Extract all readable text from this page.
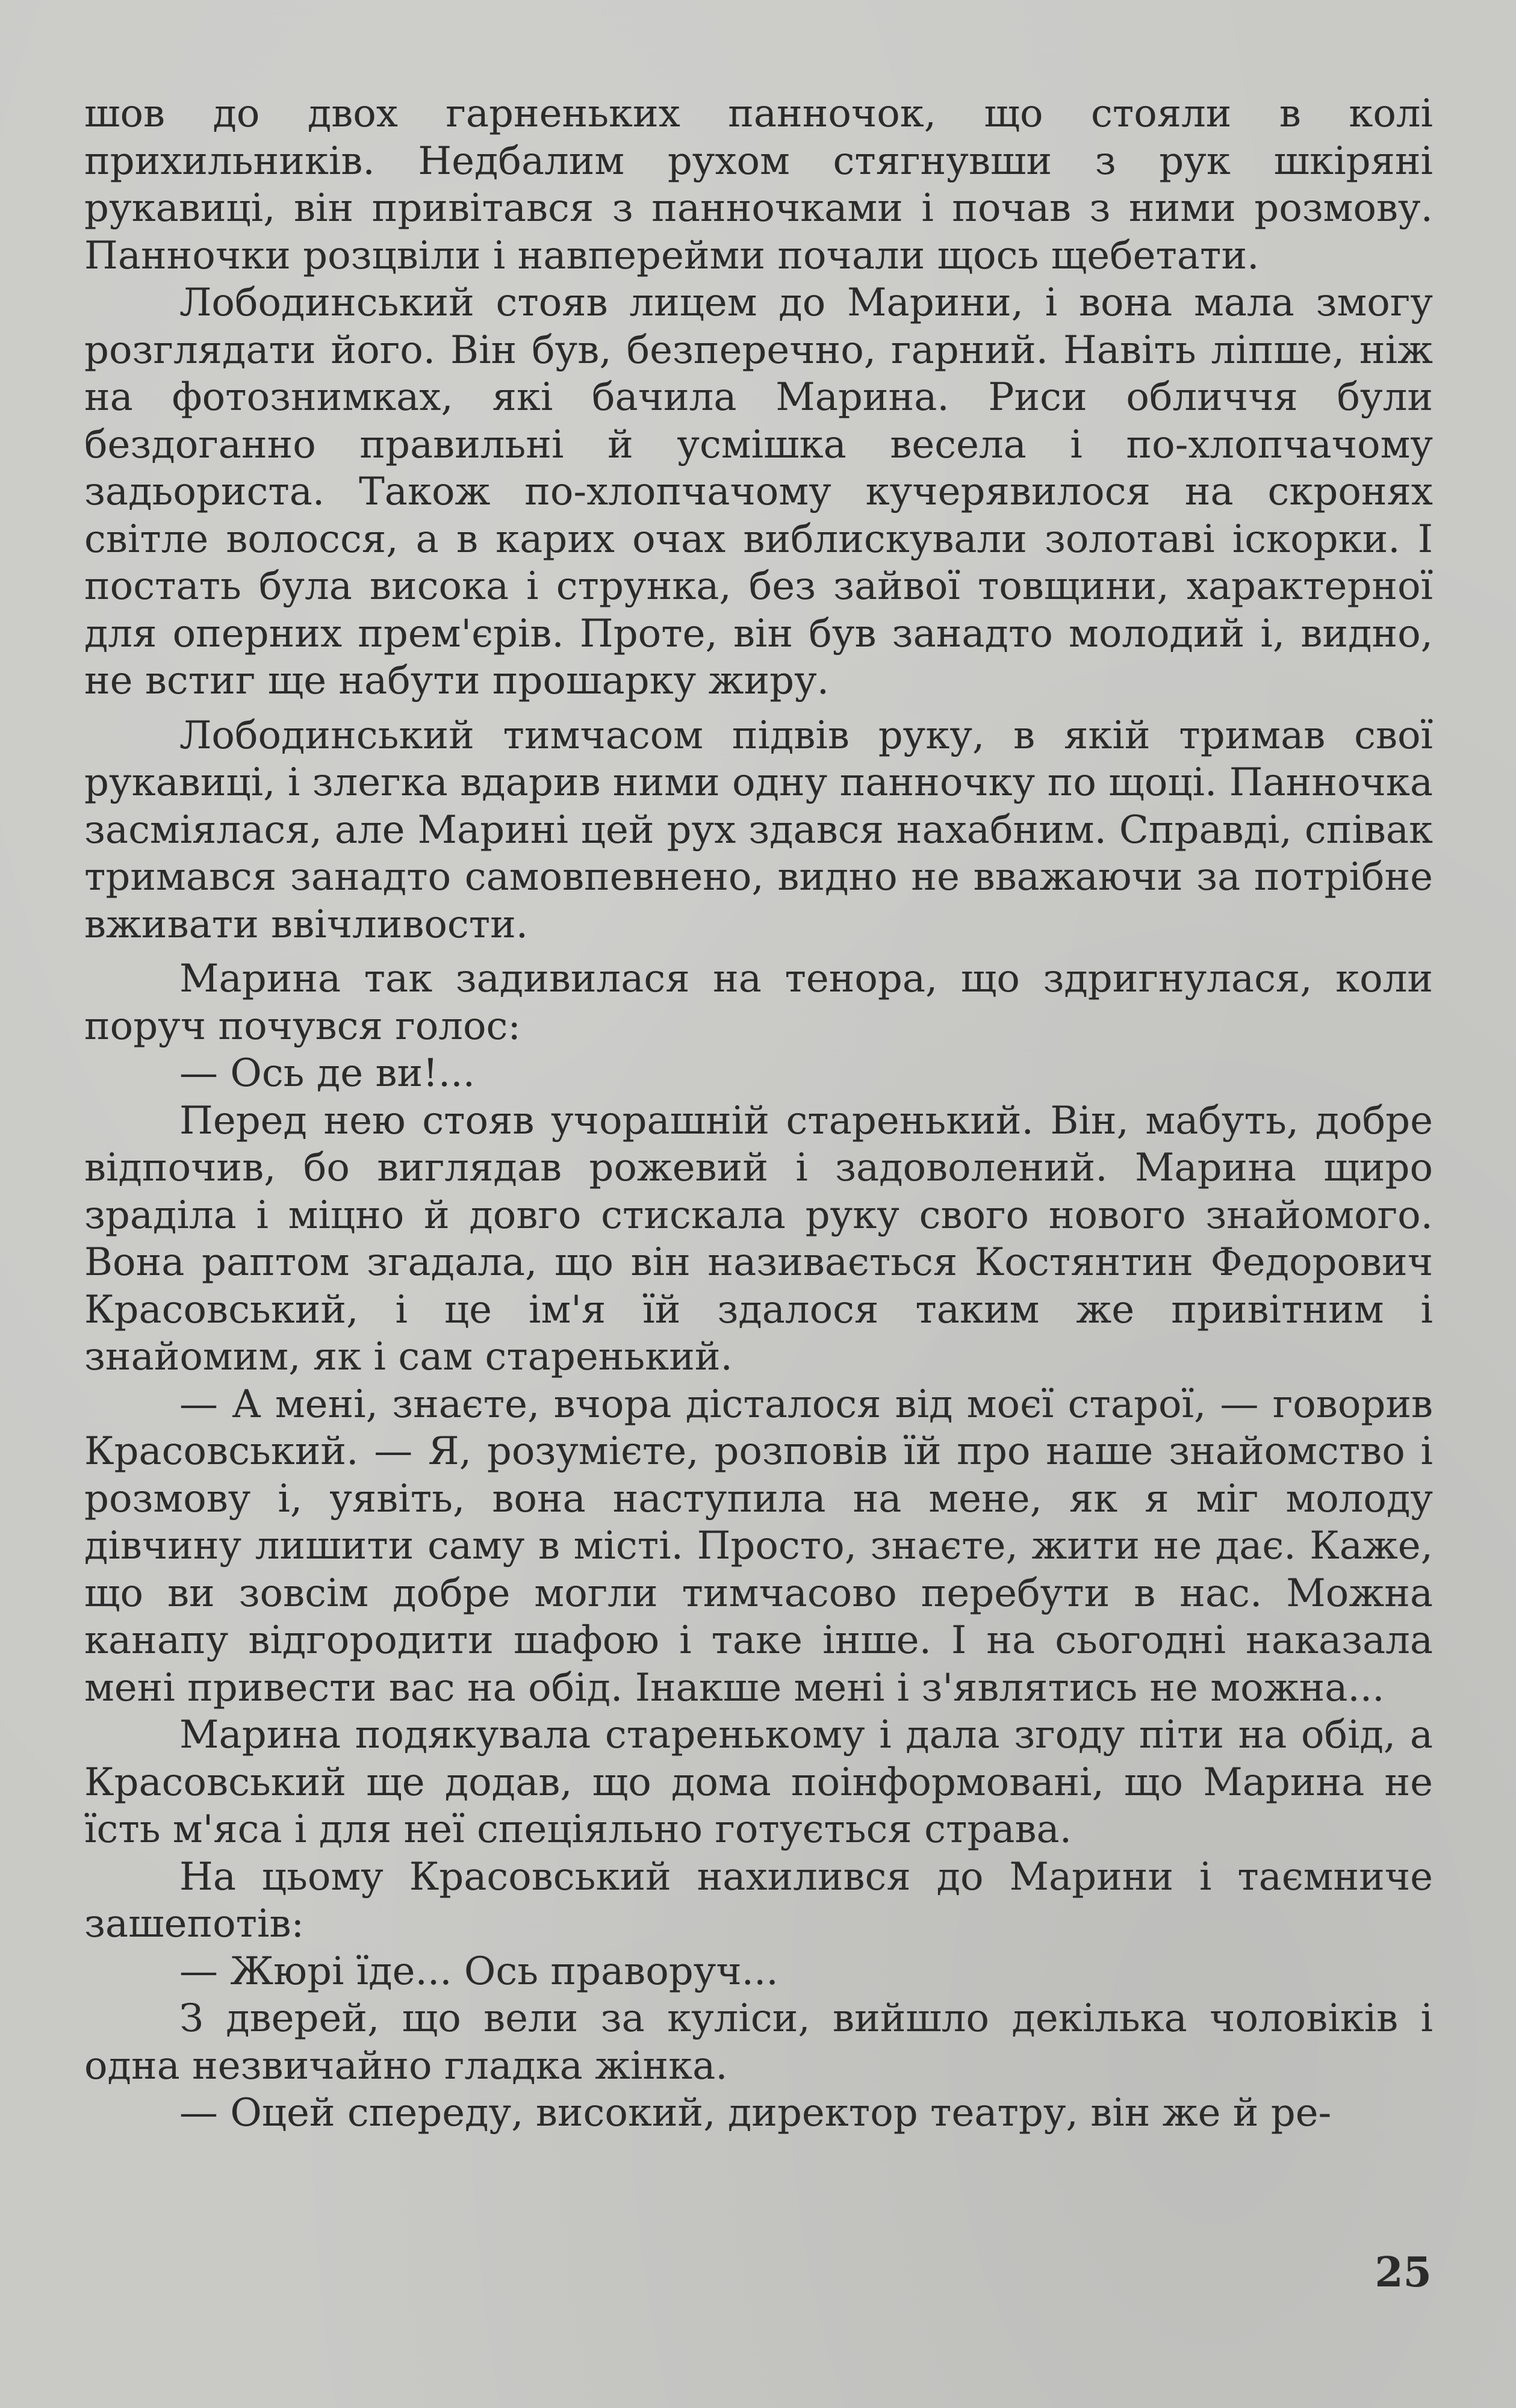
шов до двох гарненьких панночок, що стояли в колі прихильників. Недбалим рухом стягнувши з рук шкіряні рукавиці, він привітався з панночками і почав з ними розмову. Панночки розцвіли і навперейми почали щось щебетати.

Лободинський стояв лицем до Марини, і вона мала змогу розглядати його. Він був, безперечно, гарний. Навіть ліпше, ніж на фотознимках, які бачила Марина. Риси обличчя були бездоганно правильні й усмішка весела і по-хлопчачому задьориста. Також по-хлопчачому кучерявилося на скронях світле волосся, а в карих очах виблискували золотаві іскорки. І постать була висока і струнка, без зайвої товщини, характерної для оперних прем'єрів. Проте, він був занадто молодий і, видно, не встиг ще набути прошарку жиру.

Лободинський тимчасом підвів руку, в якій тримав свої рукавиці, і злегка вдарив ними одну панночку по щоці. Панночка засміялася, але Марині цей рух здався нахабним. Справді, співак тримався занадто самовпевнено, видно не вважаючи за потрібне вживати ввічливости.

Марина так задивилася на тенора, що здригнулася, коли поруч почувся голос:

— Ось де ви!...

Перед нею стояв учорашній старенький. Він, мабуть, добре відпочив, бо виглядав рожевий і задоволений. Марина щиро зраділа і міцно й довго стискала руку свого нового знайомого. Вона раптом згадала, що він називається Костянтин Федорович Красовський, і це ім'я їй здалося таким же привітним і знайомим, як і сам старенький.

— А мені, знаєте, вчора дісталося від моєї старої, — говорив Красовський. — Я, розумієте, розповів їй про наше знайомство і розмову і, уявіть, вона наступила на мене, як я міг молоду дівчину лишити саму в місті. Просто, знаєте, жити не дає. Каже, що ви зовсім добре могли тимчасово перебути в нас. Можна канапу відгородити шафою і таке інше. І на сьогодні наказала мені привести вас на обід. Інакше мені і з'являтись не можна...

Марина подякувала старенькому і дала згоду піти на обід, а Красовський ще додав, що дома поінформовані, що Марина не їсть м'яса і для неї спеціяльно готується страва.

На цьому Красовський нахилився до Марини і таємниче зашепотів:

— Жюрі їде... Ось праворуч...

З дверей, що вели за куліси, вийшло декілька чоловіків і одна незвичайно гладка жінка.

— Оцей спереду, високий, директор театру, він же й ре-

25
